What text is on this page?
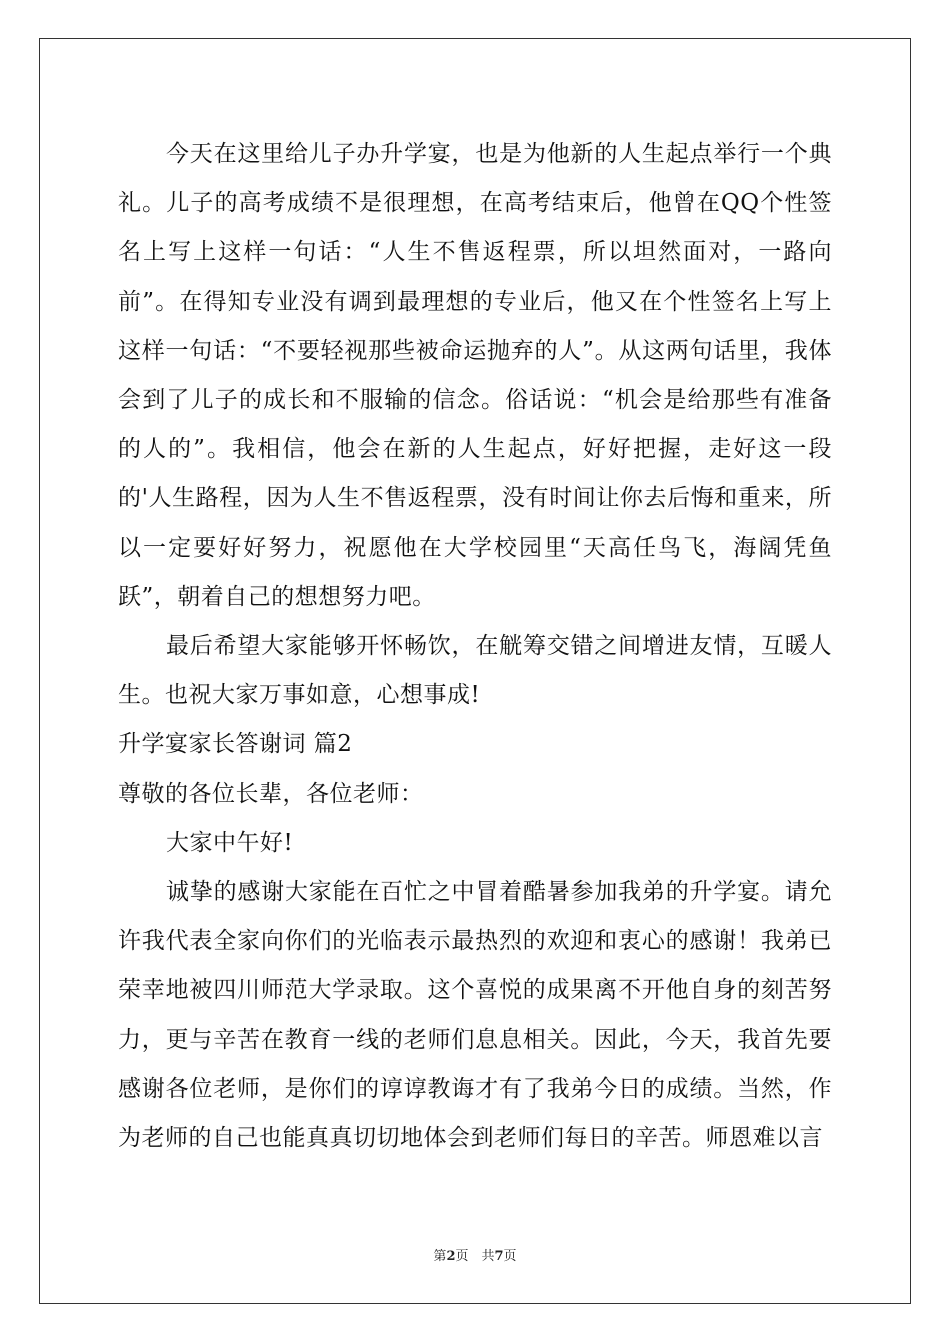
今天在这里给儿子办升学宴，也是为他新的人生起点举行一个典礼。儿子的高考成绩不是很理想，在高考结束后，他曾在QQ个性签名上写上这样一句话：“人生不售返程票，所以坦然面对，一路向前”。在得知专业没有调到最理想的专业后，他又在个性签名上写上这样一句话：“不要轻视那些被命运抛弃的人”。从这两句话里，我体会到了儿子的成长和不服输的信念。俗话说：“机会是给那些有准备的人的”。我相信，他会在新的人生起点，好好把握，走好这一段的'人生路程，因为人生不售返程票，没有时间让你去后悔和重来，所以一定要好好努力，祝愿他在大学校园里“天高任鸟飞，海阔凭鱼跃”，朝着自己的想想努力吧。

最后希望大家能够开怀畅饮，在觥筹交错之间增进友情，互暖人生。也祝大家万事如意，心想事成!

升学宴家长答谢词 篇2

尊敬的各位长辈，各位老师：

大家中午好!

诚挚的感谢大家能在百忙之中冒着酷暑参加我弟的升学宴。请允许我代表全家向你们的光临表示最热烈的欢迎和衷心的感谢！我弟已荣幸地被四川师范大学录取。这个喜悦的成果离不开他自身的刻苦努力，更与辛苦在教育一线的老师们息息相关。因此，今天，我首先要感谢各位老师，是你们的谆谆教诲才有了我弟今日的成绩。当然，作为老师的自己也能真真切切地体会到老师们每日的辛苦。师恩难以言

第2页　共7页
